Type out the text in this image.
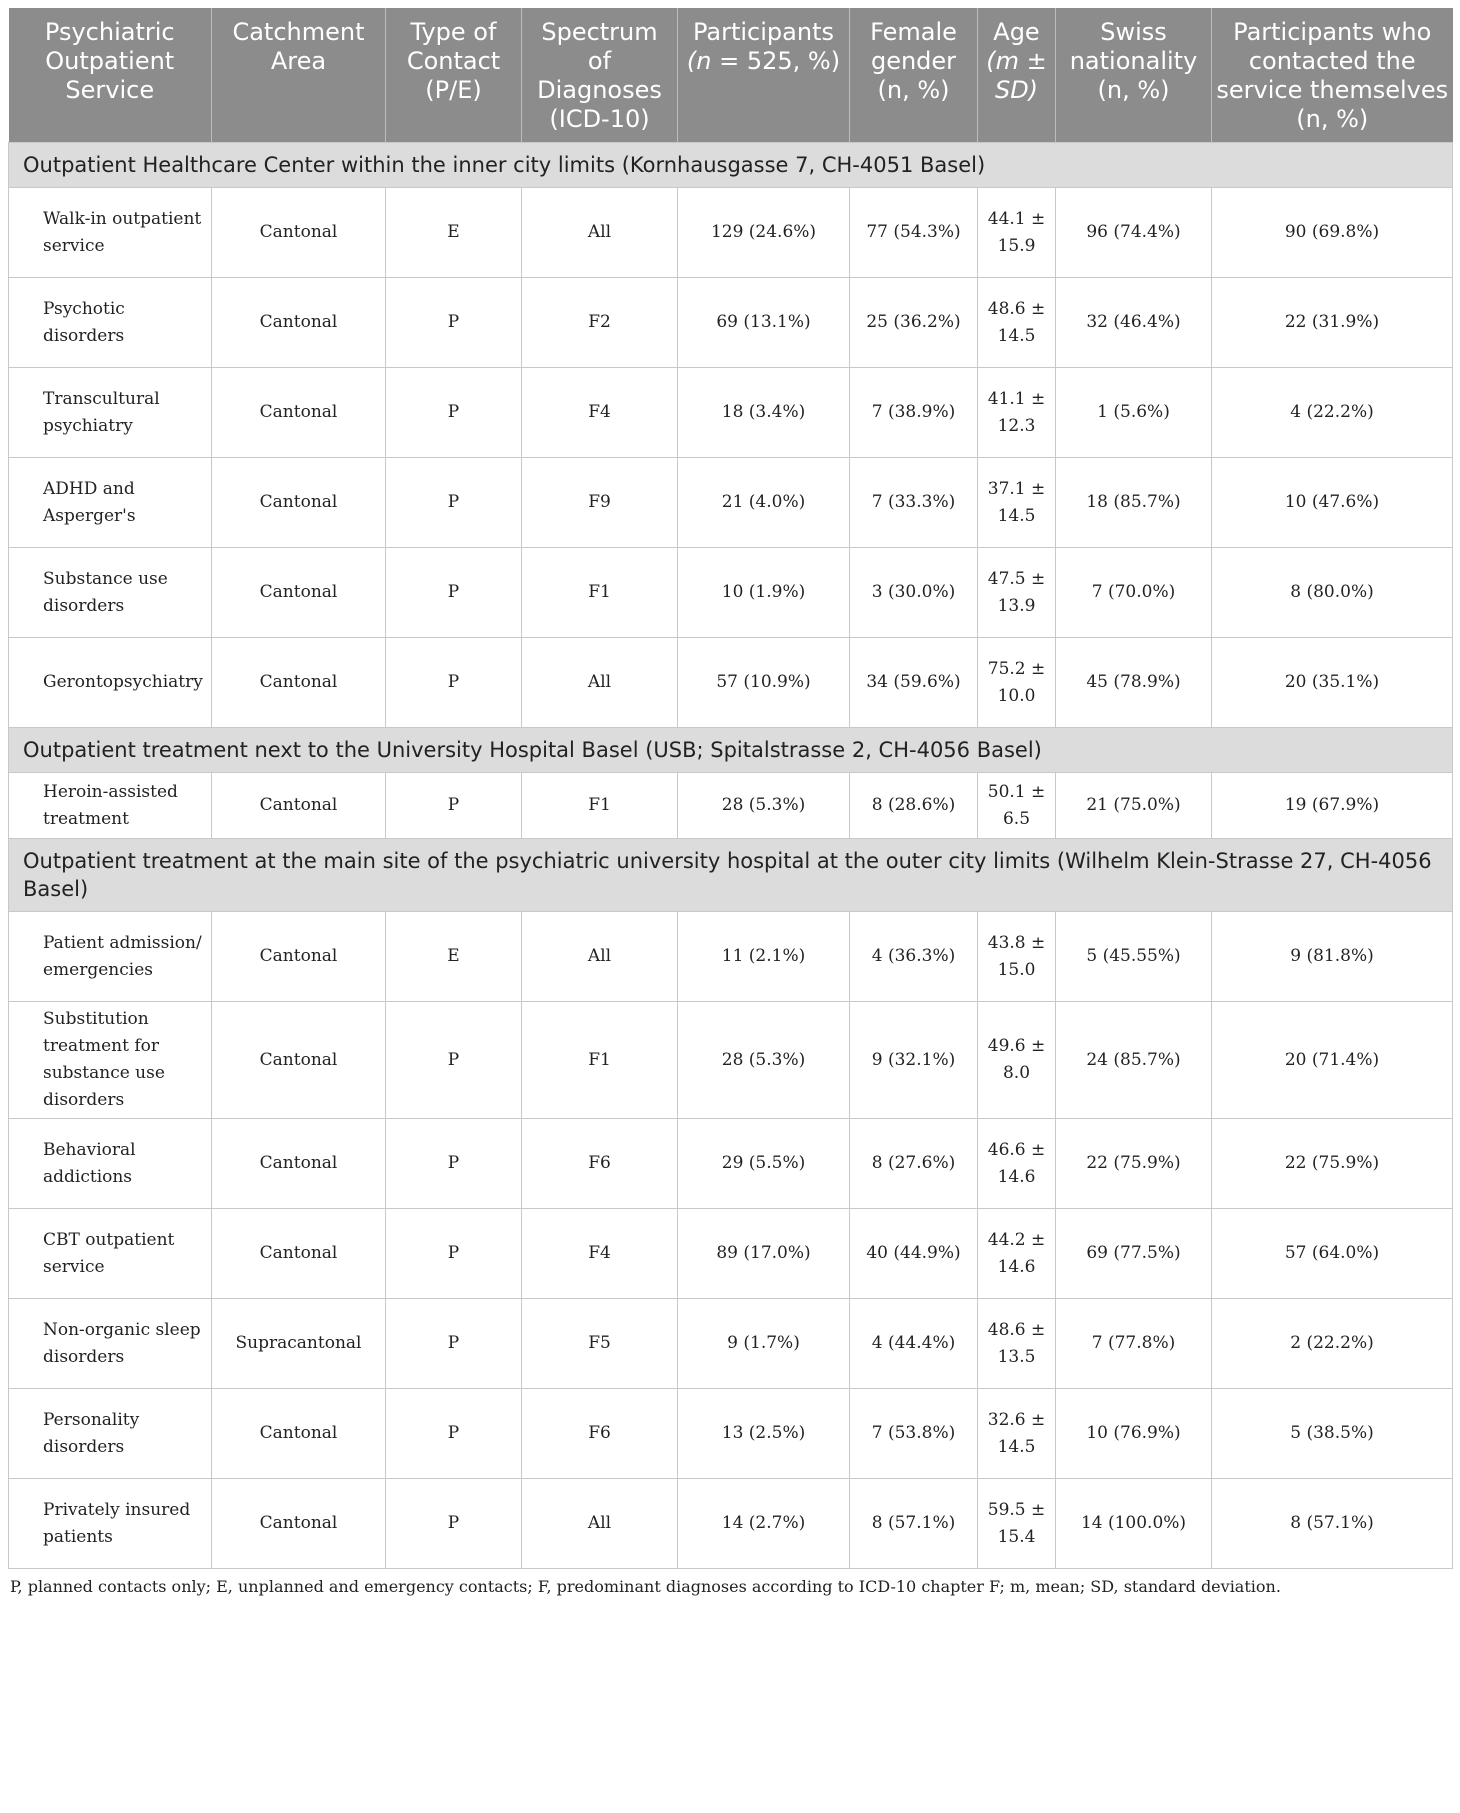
Psychiatric Outpatient Service	Catchment Area	Type of Contact (P/E)	Spectrum of Diagnoses (ICD-10)	Participants (n = 525, %)	Female gender (n, %)	Age (m ± SD)	Swiss nationality (n, %)	Participants who contacted the service themselves (n, %)
Outpatient Healthcare Center within the inner city limits (Kornhausgasse 7, CH-4051 Basel)								
Walk-in outpatient service	Cantonal	E	All	129 (24.6%)	77 (54.3%)	44.1 ± 15.9	96 (74.4%)	90 (69.8%)
Psychotic disorders	Cantonal	P	F2	69 (13.1%)	25 (36.2%)	48.6 ± 14.5	32 (46.4%)	22 (31.9%)
Transcultural psychiatry	Cantonal	P	F4	18 (3.4%)	7 (38.9%)	41.1 ± 12.3	1 (5.6%)	4 (22.2%)
ADHD and Asperger's	Cantonal	P	F9	21 (4.0%)	7 (33.3%)	37.1 ± 14.5	18 (85.7%)	10 (47.6%)
Substance use disorders	Cantonal	P	F1	10 (1.9%)	3 (30.0%)	47.5 ± 13.9	7 (70.0%)	8 (80.0%)
Gerontopsychiatry	Cantonal	P	All	57 (10.9%)	34 (59.6%)	75.2 ± 10.0	45 (78.9%)	20 (35.1%)
Outpatient treatment next to the University Hospital Basel (USB; Spitalstrasse 2, CH-4056 Basel)								
Heroin-assisted treatment	Cantonal	P	F1	28 (5.3%)	8 (28.6%)	50.1 ± 6.5	21 (75.0%)	19 (67.9%)
Outpatient treatment at the main site of the psychiatric university hospital at the outer city limits (Wilhelm Klein-Strasse 27, CH-4056 Basel)								
Patient admission/ emergencies	Cantonal	E	All	11 (2.1%)	4 (36.3%)	43.8 ± 15.0	5 (45.55%)	9 (81.8%)
Substitution treatment for substance use disorders	Cantonal	P	F1	28 (5.3%)	9 (32.1%)	49.6 ± 8.0	24 (85.7%)	20 (71.4%)
Behavioral addictions	Cantonal	P	F6	29 (5.5%)	8 (27.6%)	46.6 ± 14.6	22 (75.9%)	22 (75.9%)
CBT outpatient service	Cantonal	P	F4	89 (17.0%)	40 (44.9%)	44.2 ± 14.6	69 (77.5%)	57 (64.0%)
Non-organic sleep disorders	Supracantonal	P	F5	9 (1.7%)	4 (44.4%)	48.6 ± 13.5	7 (77.8%)	2 (22.2%)
Personality disorders	Cantonal	P	F6	13 (2.5%)	7 (53.8%)	32.6 ± 14.5	10 (76.9%)	5 (38.5%)
Privately insured patients	Cantonal	P	All	14 (2.7%)	8 (57.1%)	59.5 ± 15.4	14 (100.0%)	8 (57.1%)
P, planned contacts only; E, unplanned and emergency contacts; F, predominant diagnoses according to ICD-10 chapter F; m, mean; SD, standard deviation.
